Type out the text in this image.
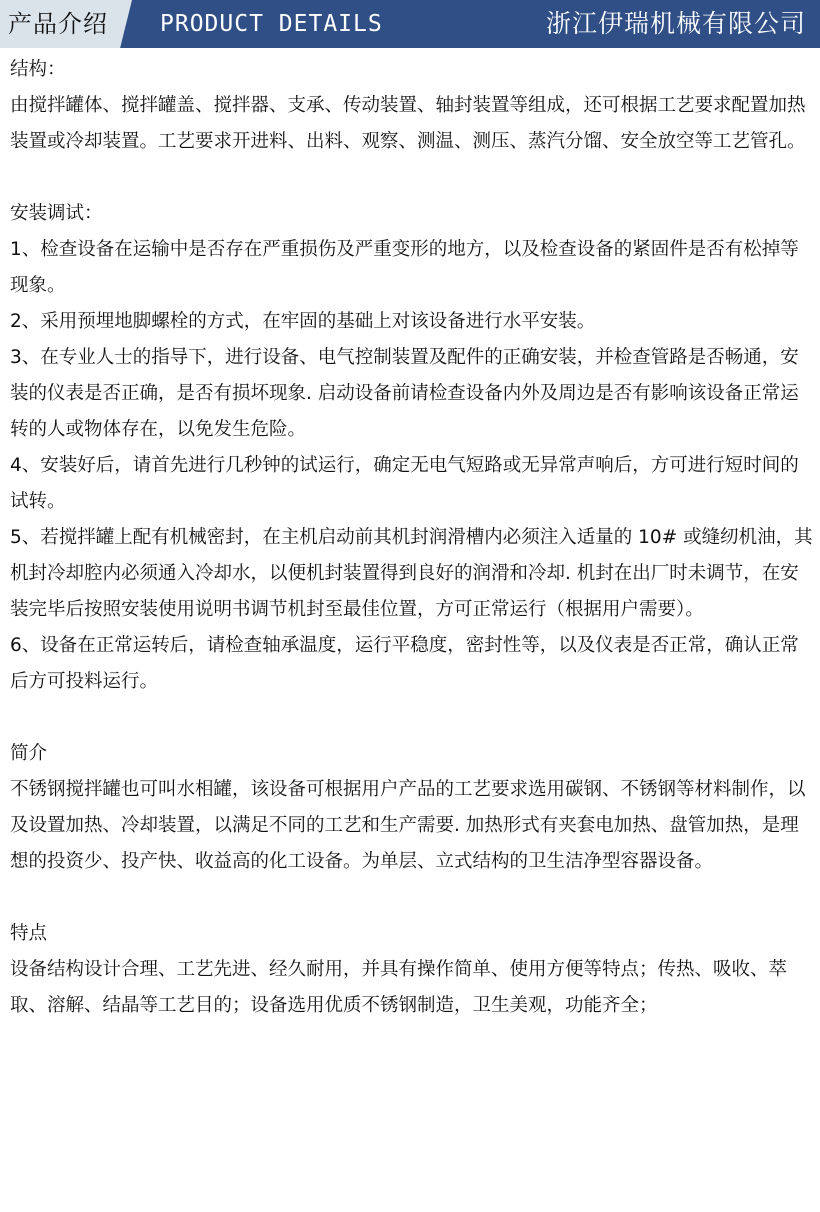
产品介绍 PRODUCT DETAILS	浙江伊瑞机械有限公司

结构：

由搅拌罐体、搅拌罐盖、搅拌器、支承、传动装置、轴封装置等组成，还可根据工艺要求配置加热装置或冷却装置。工艺要求开进料、出料、观察、测温、测压、蒸汽分馏、安全放空等工艺管孔。

安装调试：

1、检查设备在运输中是否存在严重损伤及严重变形的地方，以及检查设备的紧固件是否有松掉等现象。

2、采用预埋地脚螺栓的方式，在牢固的基础上对该设备进行水平安装。

3、在专业人士的指导下，进行设备、电气控制装置及配件的正确安装，并检查管路是否畅通，安装的仪表是否正确，是否有损坏现象. 启动设备前请检查设备内外及周边是否有影响该设备正常运转的人或物体存在，以免发生危险。

4、安装好后，请首先进行几秒钟的试运行，确定无电气短路或无异常声响后，方可进行短时间的试转。

5、若搅拌罐上配有机械密封，在主机启动前其机封润滑槽内必须注入适量的 10# 或缝纫机油，其机封冷却腔内必须通入冷却水，以便机封装置得到良好的润滑和冷却. 机封在出厂时未调节，在安装完毕后按照安装使用说明书调节机封至最佳位置，方可正常运行（根据用户需要）。

6、设备在正常运转后，请检查轴承温度，运行平稳度，密封性等，以及仪表是否正常，确认正常后方可投料运行。

简介

不锈钢搅拌罐也可叫水相罐，该设备可根据用户产品的工艺要求选用碳钢、不锈钢等材料制作，以及设置加热、冷却装置，以满足不同的工艺和生产需要. 加热形式有夹套电加热、盘管加热，是理想的投资少、投产快、收益高的化工设备。为单层、立式结构的卫生洁净型容器设备。

特点

设备结构设计合理、工艺先进、经久耐用，并具有操作简单、使用方便等特点；传热、吸收、萃取、溶解、结晶等工艺目的；设备选用优质不锈钢制造，卫生美观，功能齐全；
